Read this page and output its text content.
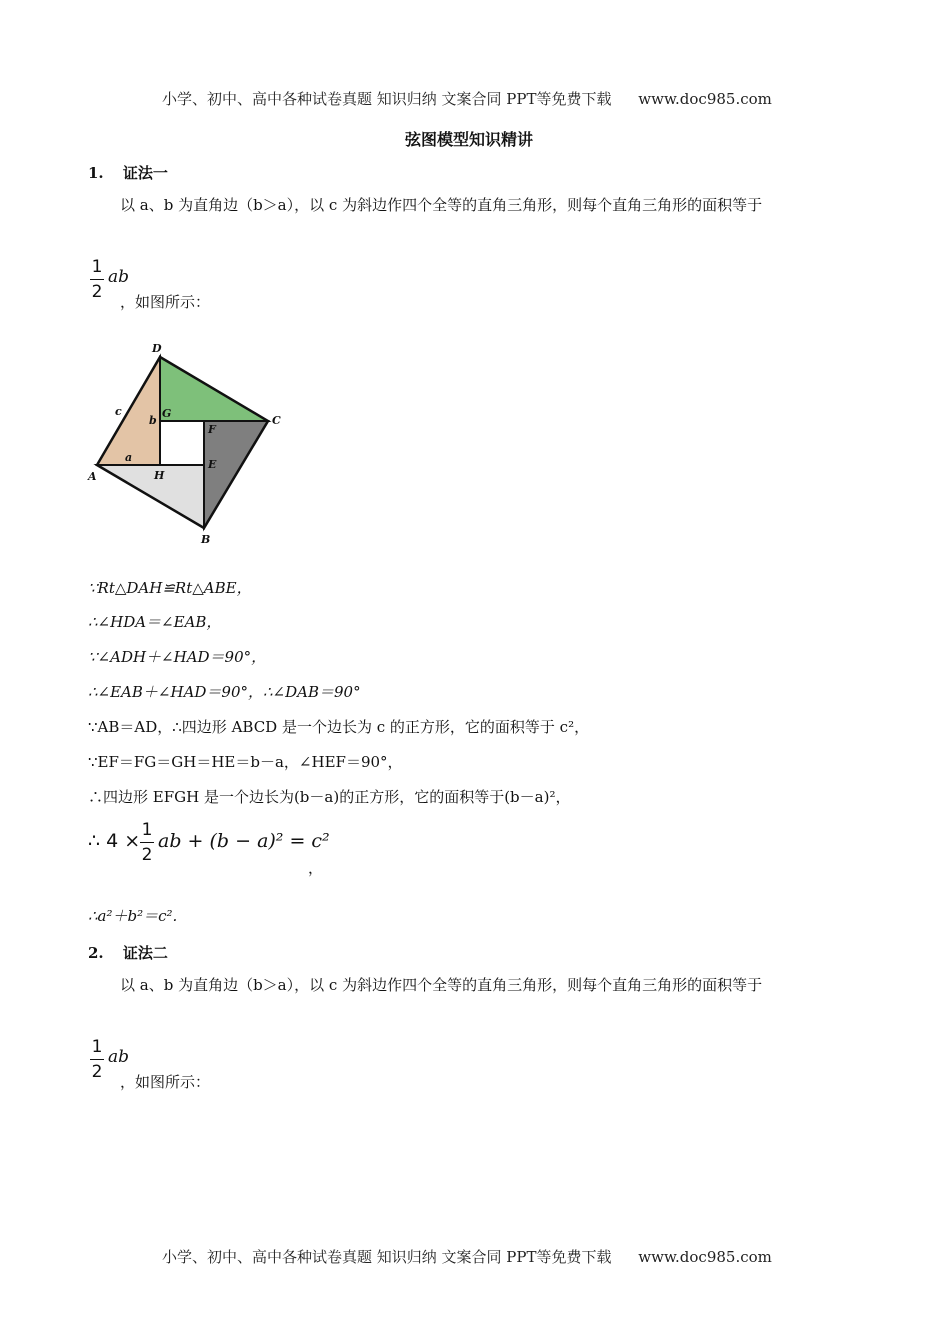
小学、初中、高中各种试卷真题 知识归纳 文案合同 PPT等免费下载 www.doc985.com
弦图模型知识精讲
1. 证法一
以 a、b 为直角边（b＞a），以 c 为斜边作四个全等的直角三角形，则每个直角三角形的面积等于
1
2
ab
，如图所示：
D
C
A
B
G
F
E
H
a
b
c
∵Rt△DAH≌Rt△ABE，
∴∠HDA＝∠EAB，
∵∠ADH＋∠HAD＝90°，
∴∠EAB＋∠HAD＝90°，∴∠DAB＝90°
∵AB＝AD，∴四边形 ABCD 是一个边长为 c 的正方形，它的面积等于 c²，
∵EF＝FG＝GH＝HE＝b－a，∠HEF＝90°，
∴四边形 EFGH 是一个边长为(b－a)的正方形，它的面积等于(b－a)²，
∴ 4 × 1
2
ab + (b − a)² = c²
，
∴a²＋b²＝c².
2. 证法二
以 a、b 为直角边（b＞a），以 c 为斜边作四个全等的直角三角形，则每个直角三角形的面积等于
1
2
ab
，如图所示：
小学、初中、高中各种试卷真题 知识归纳 文案合同 PPT等免费下载 www.doc985.com
